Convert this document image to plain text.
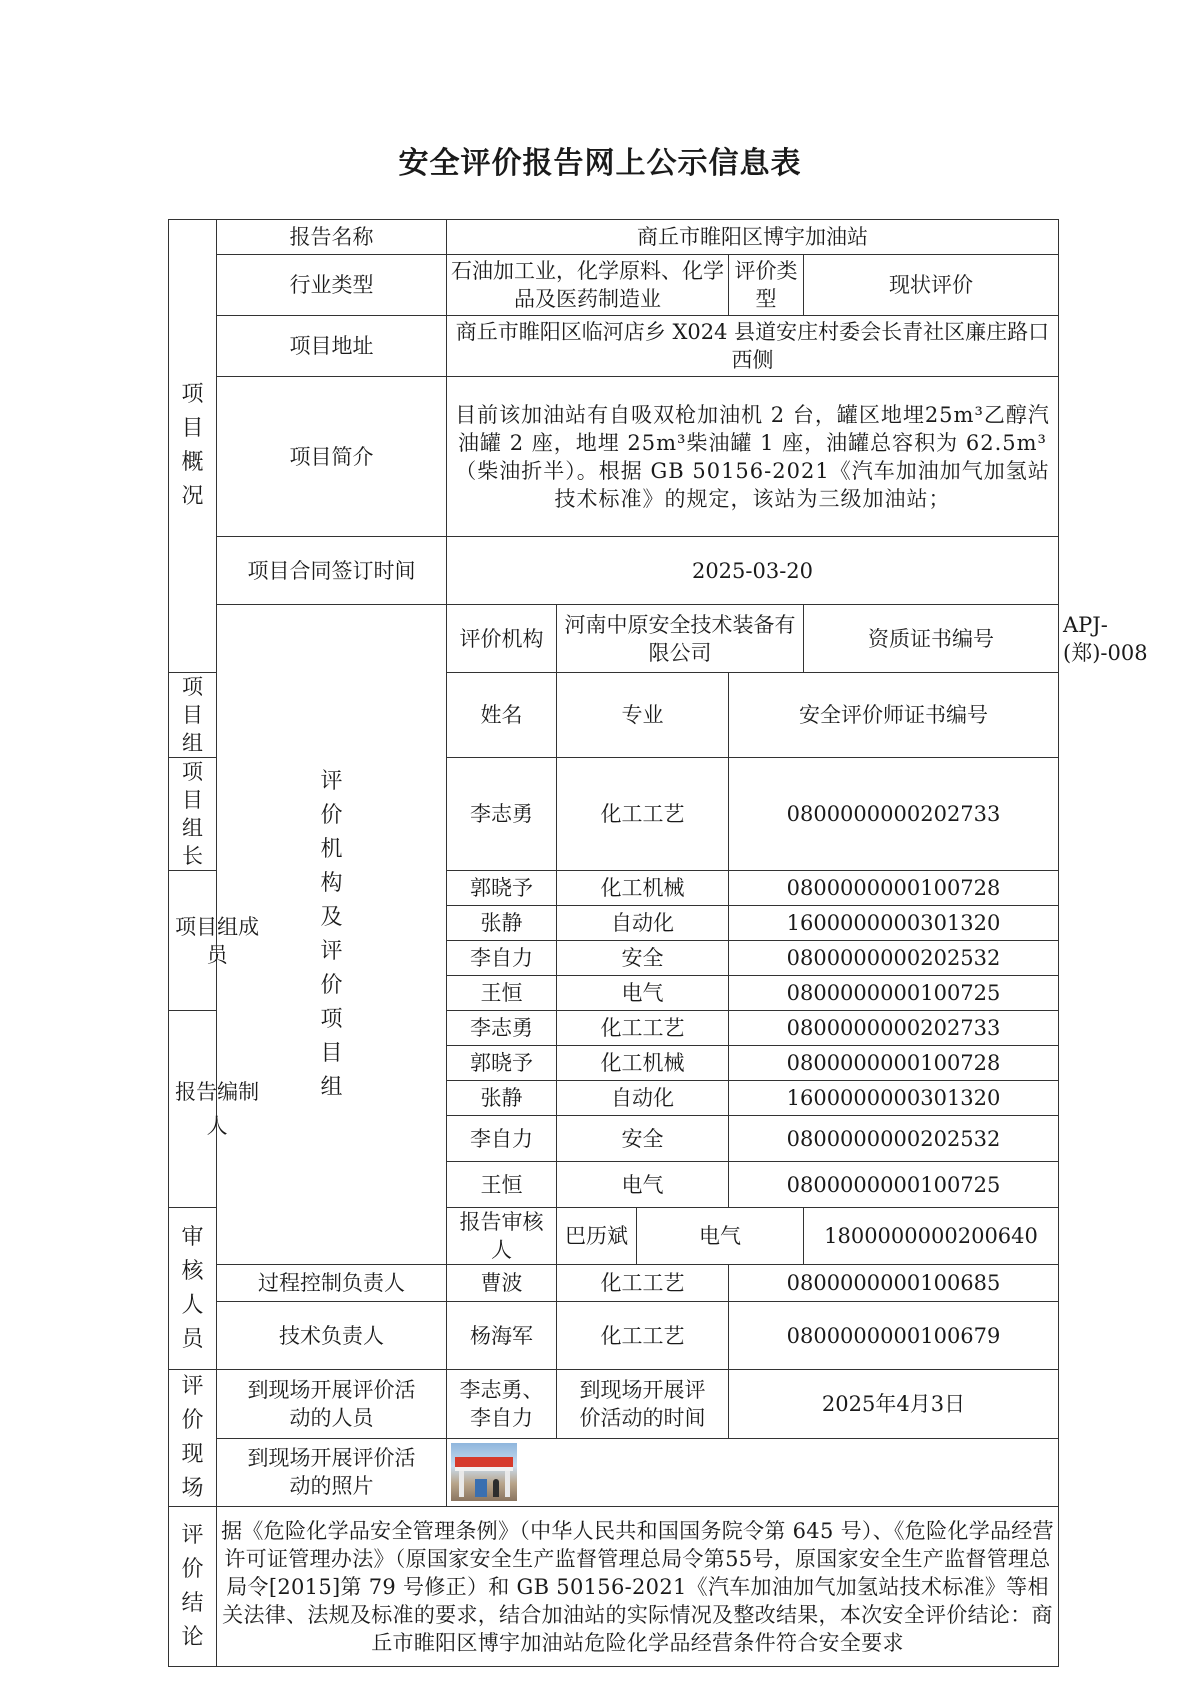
安全评价报告网上公示信息表
项目概况	报告名称	商丘市睢阳区博宇加油站					
	行业类型	石油加工业，化学原料、化学品及医药制造业			评价类型	现状评价	
	项目地址	商丘市睢阳区临河店乡 X024 县道安庄村委会长青社区廉庄路口西侧					
	项目简介	目前该加油站有自吸双枪加油机 2 台，罐区地埋25m³乙醇汽油罐 2 座，地埋 25m³柴油罐 1 座，油罐总容积为 62.5m³（柴油折半）。根据 GB 50156-2021《汽车加油加气加氢站技术标准》的规定，该站为三级加油站；					
	项目合同签订时间	2025-03-20					
	评价机构及评价项目组	评价机构	河南中原安全技术装备有限公司			资质证书编号	APJ-(郑)-008
项目组		姓名	专业		安全评价师证书编号		
项目组长		李志勇	化工工艺		0800000000202733		

项目组成员		郭晓予	化工机械		0800000000100728		
		张静	自动化		1600000000301320		
		李自力	安全		0800000000202532		
		王恒	电气		0800000000100725		

报告编制人		李志勇	化工工艺		0800000000202733		
		郭晓予	化工机械		0800000000100728		
		张静	自动化		1600000000301320		
		李自力	安全		0800000000202532		
		王恒	电气		0800000000100725		
审核人员		报告审核人	巴历斌	电气		1800000000200640	
	过程控制负责人	曹波	化工工艺		0800000000100685		
	技术负责人	杨海军	化工工艺		0800000000100679		
评价现场	到现场开展评价活动的人员	李志勇、李自力	到现场开展评价活动的时间		2025年4月3日		

	到现场开展评价活动的照片						

评价结论	据《危险化学品安全管理条例》（中华人民共和国国务院令第 645 号）、《危险化学品经营许可证管理办法》（原国家安全生产监督管理总局令第55号，原国家安全生产监督管理总局令[2015]第 79 号修正）和 GB 50156-2021《汽车加油加气加氢站技术标准》等相关法律、法规及标准的要求，结合加油站的实际情况及整改结果，本次安全评价结论：商丘市睢阳区博宇加油站危险化学品经营条件符合安全要求						
